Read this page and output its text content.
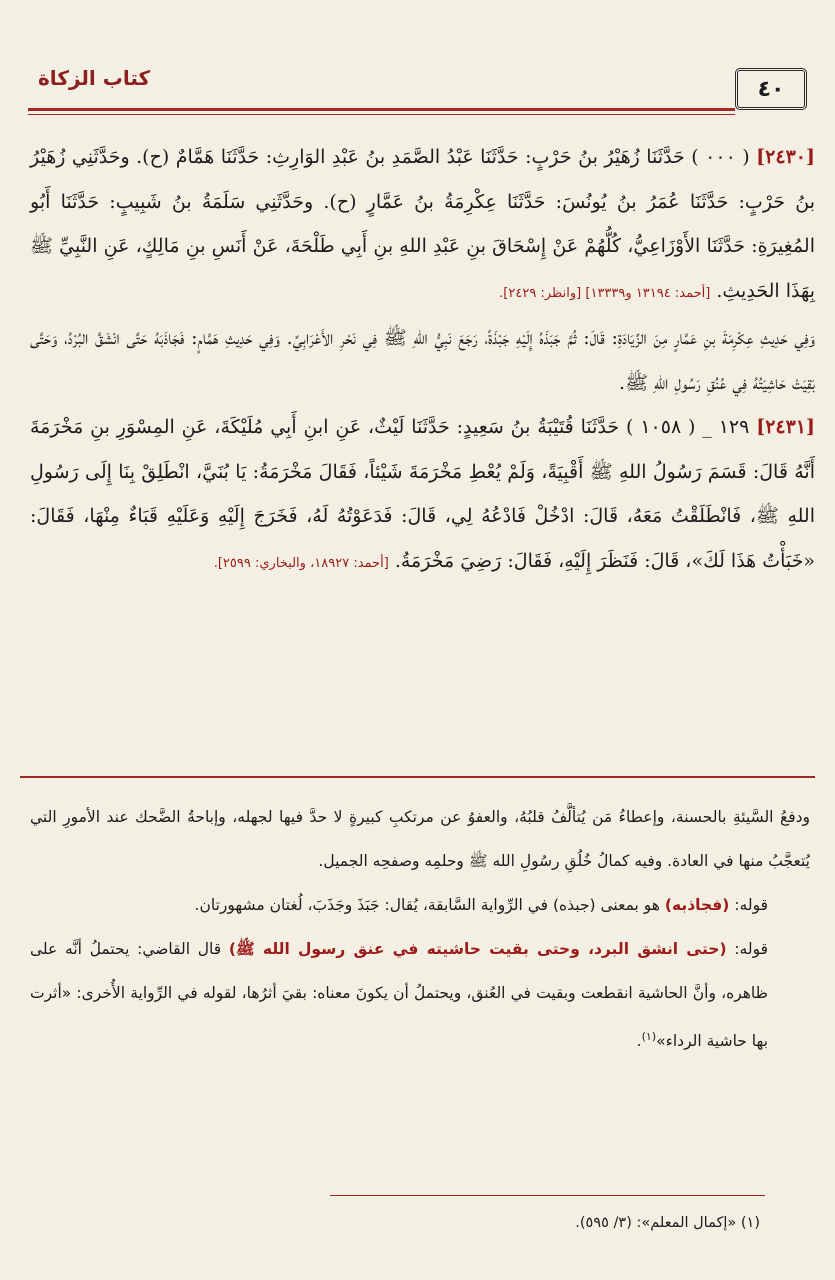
كتاب الزكاة	٤٠

[٢٤٣٠] ( ٠٠٠ ) حَدَّثَنَا زُهَيْرُ بنُ حَرْبٍ: حَدَّثَنَا عَبْدُ الصَّمَدِ بنُ عَبْدِ الوَارِثِ: حَدَّثَنَا هَمَّامٌ (ح). وحَدَّثَنِي زُهَيْرُ بنُ حَرْبٍ: حَدَّثَنَا عُمَرُ بنُ يُونُسَ: حَدَّثَنَا عِكْرِمَةُ بنُ عَمَّارٍ (ح). وحَدَّثَنِي سَلَمَةُ بنُ شَبِيبٍ: حَدَّثَنَا أَبُو المُغِيرَةِ: حَدَّثَنَا الأَوْزَاعِيُّ، كُلُّهُمْ عَنْ إِسْحَاقَ بنِ عَبْدِ اللهِ بنِ أَبِي طَلْحَةَ، عَنْ أَنَسِ بنِ مَالِكٍ، عَنِ النَّبِيِّ ﷺ بِهَذَا الحَدِيثِ. [أحمد: ١٣١٩٤ و١٣٣٣٩] [وانظر: ٢٤٢٩].

وَفِي حَدِيثِ عِكْرِمَةَ بنِ عَمَّارٍ مِنَ الزِّيَادَةِ: قَالَ: ثُمَّ جَبَذَهُ إِلَيْهِ جَبْذَةً، رَجَعَ نَبِيُّ اللهِ ﷺ فِي نَحْرِ الأَعْرَابِيِّ. وَفِي حَدِيثِ هَمَّامٍ: فَجَاذَبَهُ حَتَّى انْشَقَّ البُرْدُ، وَحَتَّى بَقِيَتْ حَاشِيَتُهُ فِي عُنُقِ رَسُولِ اللهِ ﷺ.

[٢٤٣١] ١٢٩ _ ( ١٠٥٨ ) حَدَّثَنَا قُتَيْبَةُ بنُ سَعِيدٍ: حَدَّثَنَا لَيْثٌ، عَنِ ابنِ أَبِي مُلَيْكَةَ، عَنِ المِسْوَرِ بنِ مَخْرَمَةَ أَنَّهُ قَالَ: قَسَمَ رَسُولُ اللهِ ﷺ أَقْبِيَةً، وَلَمْ يُعْطِ مَخْرَمَةَ شَيْئاً، فَقَالَ مَخْرَمَةُ: يَا بُنَيَّ، انْطَلِقْ بِنَا إِلَى رَسُولِ اللهِ ﷺ، فَانْطَلَقْتُ مَعَهُ، قَالَ: ادْخُلْ فَادْعُهُ لِي، قَالَ: فَدَعَوْتُهُ لَهُ، فَخَرَجَ إِلَيْهِ وَعَلَيْهِ قَبَاءٌ مِنْهَا، فَقَالَ: «خَبَأْتُ هَذَا لَكَ»، قَالَ: فَنَظَرَ إِلَيْهِ، فَقَالَ: رَضِيَ مَخْرَمَةُ. [أحمد: ١٨٩٢٧، والبخاري: ٢٥٩٩].

ودفعُ السَّيئةِ بالحسنة، وإعطاءُ مَن يُتألَّفُ قلبُهُ، والعفوُ عن مرتكبِ كبيرةٍ لا حدَّ فيها لجهله، وإباحةُ الضَّحك عند الأمورِ التي يُتعجَّبُ منها في العادة. وفيه كمالُ خُلُقِ رسُولِ الله ﷺ وحلمِه وصفحِه الجميل.

قوله: (فجاذبه) هو بمعنى (جبذه) في الرِّواية السَّابقة، يُقال: جَبَذَ وجَذَبَ، لُغتان مشهورتان.

قوله: (حتى انشق البرد، وحتى بقيت حاشيته في عنق رسول الله ﷺ) قال القاضي: يحتملُ أنَّه على ظاهره، وأنَّ الحاشية انقطعت وبقيت في العُنق، ويحتملُ أن يكونَ معناه: بقيَ أثرُها، لقوله في الرِّواية الأُخرى: «أثرت بها حاشية الرداء»$^{(١)}$.

(١) «إكمال المعلم»: (٣/ ٥٩٥).
